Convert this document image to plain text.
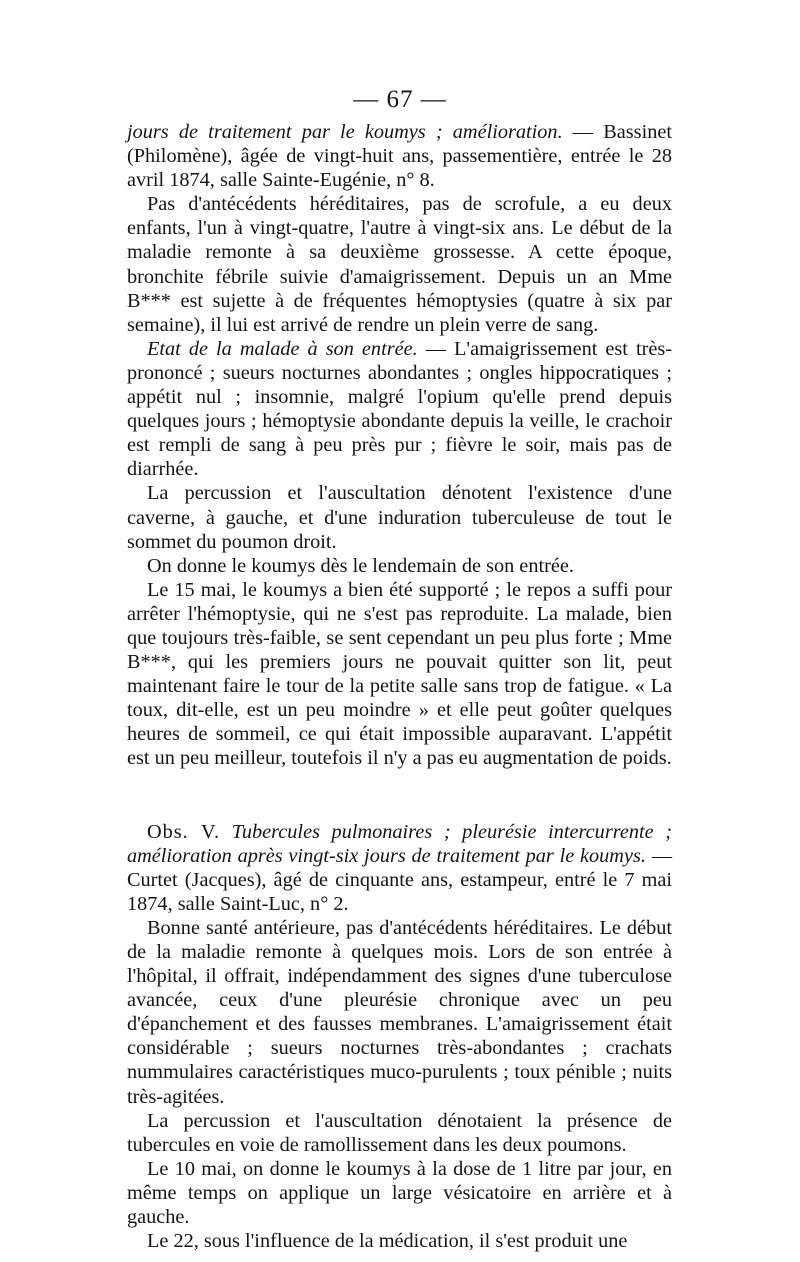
— 67 —

jours de traitement par le koumys ; amélioration. — Bassinet (Philomène), âgée de vingt-huit ans, passementière, entrée le 28 avril 1874, salle Sainte-Eugénie, n° 8.

Pas d'antécédents héréditaires, pas de scrofule, a eu deux enfants, l'un à vingt-quatre, l'autre à vingt-six ans. Le début de la maladie remonte à sa deuxième grossesse. A cette époque, bronchite fébrile suivie d'amaigrissement. Depuis un an Mme B*** est sujette à de fréquentes hémoptysies (quatre à six par semaine), il lui est arrivé de rendre un plein verre de sang.

Etat de la malade à son entrée. — L'amaigrissement est très-prononcé ; sueurs nocturnes abondantes ; ongles hippocratiques ; appétit nul ; insomnie, malgré l'opium qu'elle prend depuis quelques jours ; hémoptysie abondante depuis la veille, le crachoir est rempli de sang à peu près pur ; fièvre le soir, mais pas de diarrhée.

La percussion et l'auscultation dénotent l'existence d'une caverne, à gauche, et d'une induration tuberculeuse de tout le sommet du poumon droit.

On donne le koumys dès le lendemain de son entrée.

Le 15 mai, le koumys a bien été supporté ; le repos a suffi pour arrêter l'hémoptysie, qui ne s'est pas reproduite. La malade, bien que toujours très-faible, se sent cependant un peu plus forte ; Mme B***, qui les premiers jours ne pouvait quitter son lit, peut maintenant faire le tour de la petite salle sans trop de fatigue. « La toux, dit-elle, est un peu moindre » et elle peut goûter quelques heures de sommeil, ce qui était impossible auparavant. L'appétit est un peu meilleur, toutefois il n'y a pas eu augmentation de poids.

Obs. V. Tubercules pulmonaires ; pleurésie intercurrente ; amélioration après vingt-six jours de traitement par le koumys. — Curtet (Jacques), âgé de cinquante ans, estampeur, entré le 7 mai 1874, salle Saint-Luc, n° 2.

Bonne santé antérieure, pas d'antécédents héréditaires. Le début de la maladie remonte à quelques mois. Lors de son entrée à l'hôpital, il offrait, indépendamment des signes d'une tuberculose avancée, ceux d'une pleurésie chronique avec un peu d'épanchement et des fausses membranes. L'amaigrissement était considérable ; sueurs nocturnes très-abondantes ; crachats nummulaires caractéristiques muco-purulents ; toux pénible ; nuits très-agitées.

La percussion et l'auscultation dénotaient la présence de tubercules en voie de ramollissement dans les deux poumons.

Le 10 mai, on donne le koumys à la dose de 1 litre par jour, en même temps on applique un large vésicatoire en arrière et à gauche.

Le 22, sous l'influence de la médication, il s'est produit une
